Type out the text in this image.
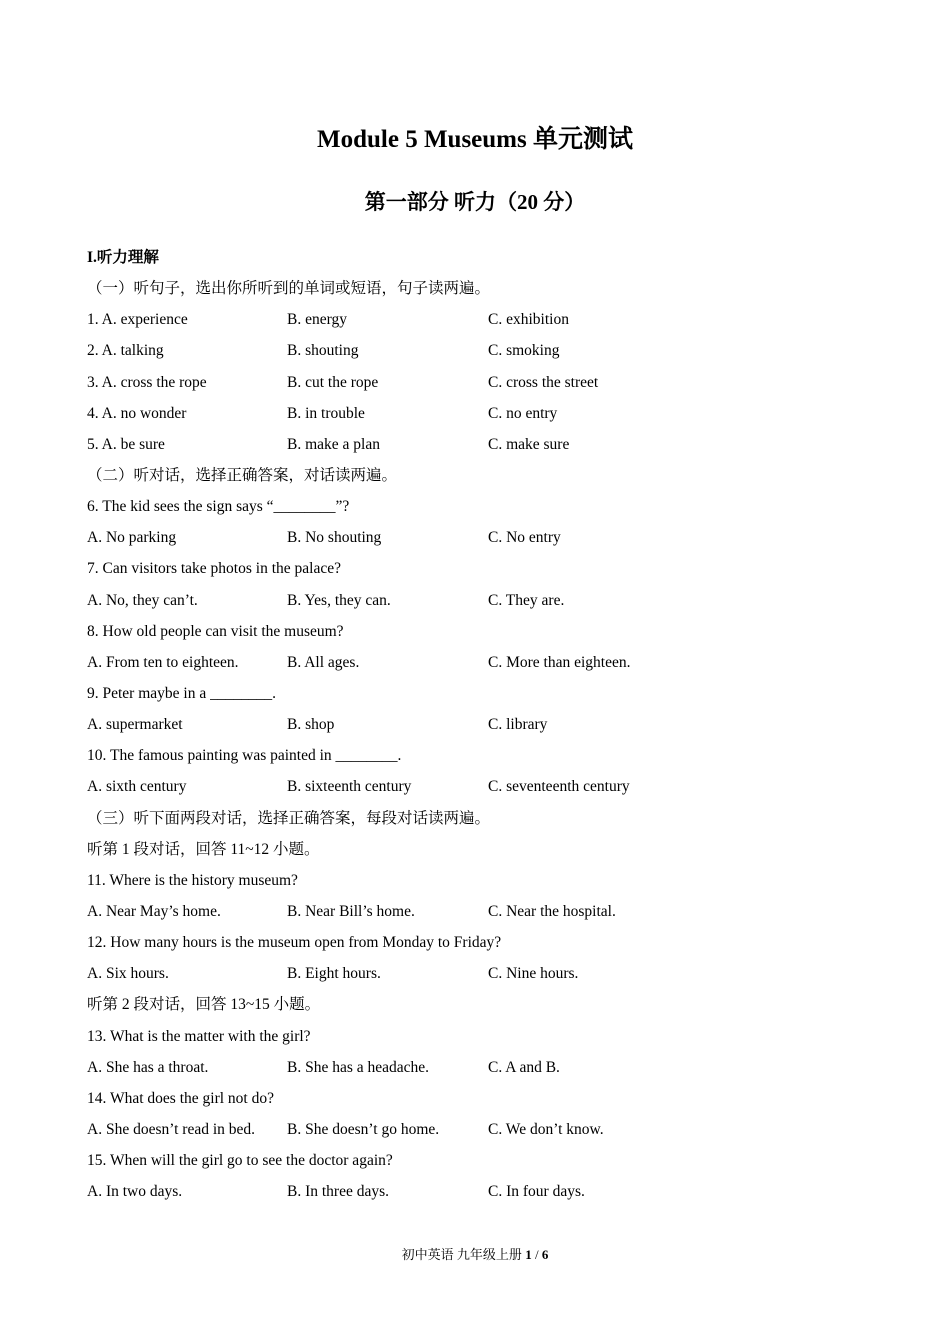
Module 5 Museums 单元测试
第一部分 听力（20 分）
I.听力理解
（一）听句子，选出你所听到的单词或短语，句子读两遍。
1. A. experience	B. energy	C. exhibition
2. A. talking	B. shouting	C. smoking
3. A. cross the rope	B. cut the rope	C. cross the street
4. A. no wonder	B. in trouble	C. no entry
5. A. be sure	B. make a plan	C. make sure
（二）听对话，选择正确答案，对话读两遍。
6. The kid sees the sign says “________”?
A. No parking	B. No shouting	C. No entry
7. Can visitors take photos in the palace?
A. No, they can’t.	B. Yes, they can.	C. They are.
8. How old people can visit the museum?
A. From ten to eighteen.	B. All ages.	C. More than eighteen.
9. Peter maybe in a ________.
A. supermarket	B. shop	C. library
10. The famous painting was painted in ________.
A. sixth century	B. sixteenth century	C. seventeenth century
（三）听下面两段对话，选择正确答案，每段对话读两遍。
听第 1 段对话，回答 11~12 小题。
11. Where is the history museum?
A. Near May’s home.	B. Near Bill’s home.	C. Near the hospital.
12. How many hours is the museum open from Monday to Friday?
A. Six hours.	B. Eight hours.	C. Nine hours.
听第 2 段对话，回答 13~15 小题。
13. What is the matter with the girl?
A. She has a throat.	B. She has a headache.	C. A and B.
14. What does the girl not do?
A. She doesn’t read in bed. B. She doesn’t go home.	C. We don’t know.
15. When will the girl go to see the doctor again?
A. In two days.	B. In three days.	C. In four days.
初中英语 九年级上册 1 / 6
